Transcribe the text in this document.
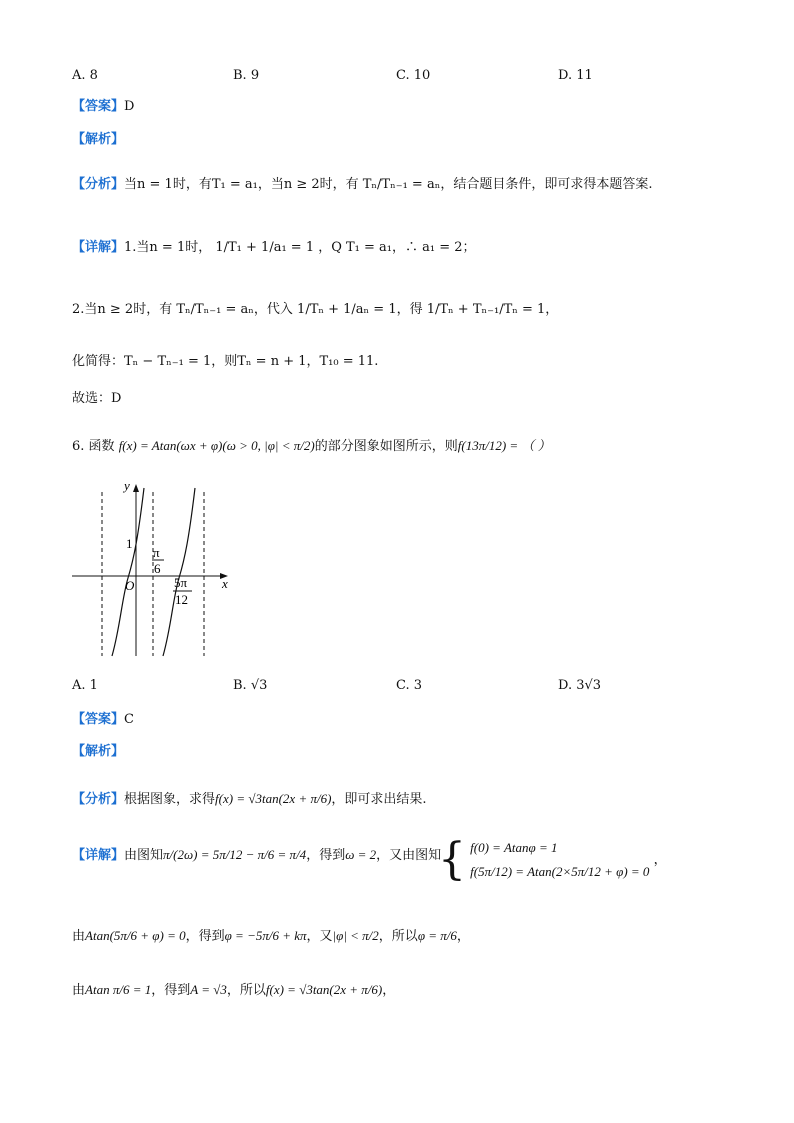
A. 8	B. 9	C. 10	D. 11
【答案】D
【解析】
【分析】当n = 1时，有T₁ = a₁，当n ≥ 2时，有 Tₙ/Tₙ₋₁ = aₙ，结合题目条件，即可求得本题答案.
【详解】1.当n = 1时， 1/T₁ + 1/a₁ = 1 ，Q T₁ = a₁，∴ a₁ = 2；
2.当n ≥ 2时，有 Tₙ/Tₙ₋₁ = aₙ，代入 1/Tₙ + 1/aₙ = 1，得 1/Tₙ + Tₙ₋₁/Tₙ = 1，
化简得：Tₙ − Tₙ₋₁ = 1，则Tₙ = n + 1，T₁₀ = 11.
故选：D
6. 函数 f(x) = Atan(ωx + φ)(ω > 0, |φ| < π/2)的部分图象如图所示，则f(13π/12) = （ ）
y
x
O
1
π
6
5π
12
A. 1	B. √3	C. 3	D. 3√3
【答案】C
【解析】
【分析】根据图象，求得f(x) = √3tan(2x + π/6)，即可求出结果.
【详解】由图知π/(2ω) = 5π/12 − π/6 = π/4，得到ω = 2，又由图知
{ f(0) = Atanφ = 1
f(5π/12) = Atan(2×5π/12 + φ) = 0
，
由Atan(5π/6 + φ) = 0，得到φ = −5π/6 + kπ，又|φ| < π/2，所以φ = π/6，
由Atan π/6 = 1，得到A = √3，所以f(x) = √3tan(2x + π/6)，
